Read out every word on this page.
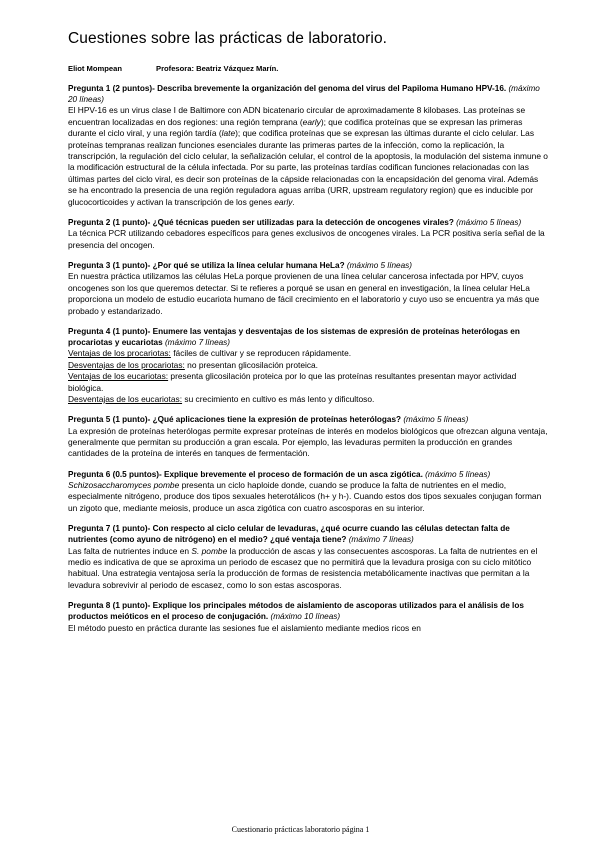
Cuestiones sobre las prácticas de laboratorio.
Eliot Mompean	Profesora: Beatriz Vázquez Marín.

Pregunta 1 (2 puntos)- Describa brevemente la organización del genoma del virus del Papiloma Humano HPV-16. (máximo 20 líneas)

El HPV-16 es un virus clase I de Baltimore con ADN bicatenario circular de aproximadamente 8 kilobases. Las proteínas se encuentran localizadas en dos regiones: una región temprana (early); que codifica proteínas que se expresan las primeras durante el ciclo viral, y una región tardía (late); que codifica proteínas que se expresan las últimas durante el ciclo celular. Las proteínas tempranas realizan funciones esenciales durante las primeras partes de la infección, como la replicación, la transcripción, la regulación del ciclo celular, la señalización celular, el control de la apoptosis, la modulación del sistema inmune o la modificación estructural de la célula infectada. Por su parte, las proteínas tardías codifican funciones relacionadas con las últimas partes del ciclo viral, es decir son proteínas de la cápside relacionadas con la encapsidación del genoma viral. Además se ha encontrado la presencia de una región reguladora aguas arriba (URR, upstream regulatory region) que es inducible por glucocorticoides y activan la transcripción de los genes early.

Pregunta 2 (1 punto)- ¿Qué técnicas pueden ser utilizadas para la detección de oncogenes virales? (máximo 5 líneas)

La técnica PCR utilizando cebadores específicos para genes exclusivos de oncogenes virales. La PCR positiva sería señal de la presencia del oncogen.

Pregunta 3 (1 punto)- ¿Por qué se utiliza la línea celular humana HeLa? (máximo 5 líneas)

En nuestra práctica utilizamos las células HeLa porque provienen de una línea celular cancerosa infectada por HPV, cuyos oncogenes son los que queremos detectar. Si te refieres a porqué se usan en general en investigación, la línea celular HeLa proporciona un modelo de estudio eucariota humano de fácil crecimiento en el laboratorio y cuyo uso se encuentra ya más que probado y estandarizado.

Pregunta 4 (1 punto)- Enumere las ventajas y desventajas de los sistemas de expresión de proteínas heterólogas en procariotas y eucariotas (máximo 7 líneas)

Ventajas de los procariotas: fáciles de cultivar y se reproducen rápidamente.
Desventajas de los procariotas: no presentan glicosilación proteica.
Ventajas de los eucariotas: presenta glicosilación proteica por lo que las proteínas resultantes presentan mayor actividad biológica.
Desventajas de los eucariotas: su crecimiento en cultivo es más lento y dificultoso.

Pregunta 5 (1 punto)- ¿Qué aplicaciones tiene la expresión de proteínas heterólogas? (máximo 5 líneas)

La expresión de proteínas heterólogas permite expresar proteínas de interés en modelos biológicos que ofrezcan alguna ventaja, generalmente que permitan su producción a gran escala. Por ejemplo, las levaduras permiten la producción en grandes cantidades de la proteína de interés en tanques de fermentación.

Pregunta 6 (0.5 puntos)- Explique brevemente el proceso de formación de un asca zigótica. (máximo 5 líneas)

Schizosaccharomyces pombe presenta un ciclo haploide donde, cuando se produce la falta de nutrientes en el medio, especialmente nitrógeno, produce dos tipos sexuales heterotálicos (h+ y h-). Cuando estos dos tipos sexuales conjugan forman un zigoto que, mediante meiosis, produce un asca zigótica con cuatro ascosporas en su interior.

Pregunta 7 (1 punto)- Con respecto al ciclo celular de levaduras, ¿qué ocurre cuando las células detectan falta de nutrientes (como ayuno de nitrógeno) en el medio? ¿qué ventaja tiene? (máximo 7 líneas)

Las falta de nutrientes induce en S. pombe la producción de ascas y las consecuentes ascosporas. La falta de nutrientes en el medio es indicativa de que se aproxima un periodo de escasez que no permitirá que la levadura prosiga con su ciclo mitótico habitual. Una estrategia ventajosa sería la producción de formas de resistencia metabólicamente inactivas que permitan a la levadura sobrevivir al periodo de escasez, como lo son estas ascosporas.

Pregunta 8 (1 punto)- Explique los principales métodos de aislamiento de ascoporas utilizados para el análisis de los productos meióticos en el proceso de conjugación. (máximo 10 líneas)

El método puesto en práctica durante las sesiones fue el aislamiento mediante medios ricos en

Cuestionario prácticas laboratorio página 1
